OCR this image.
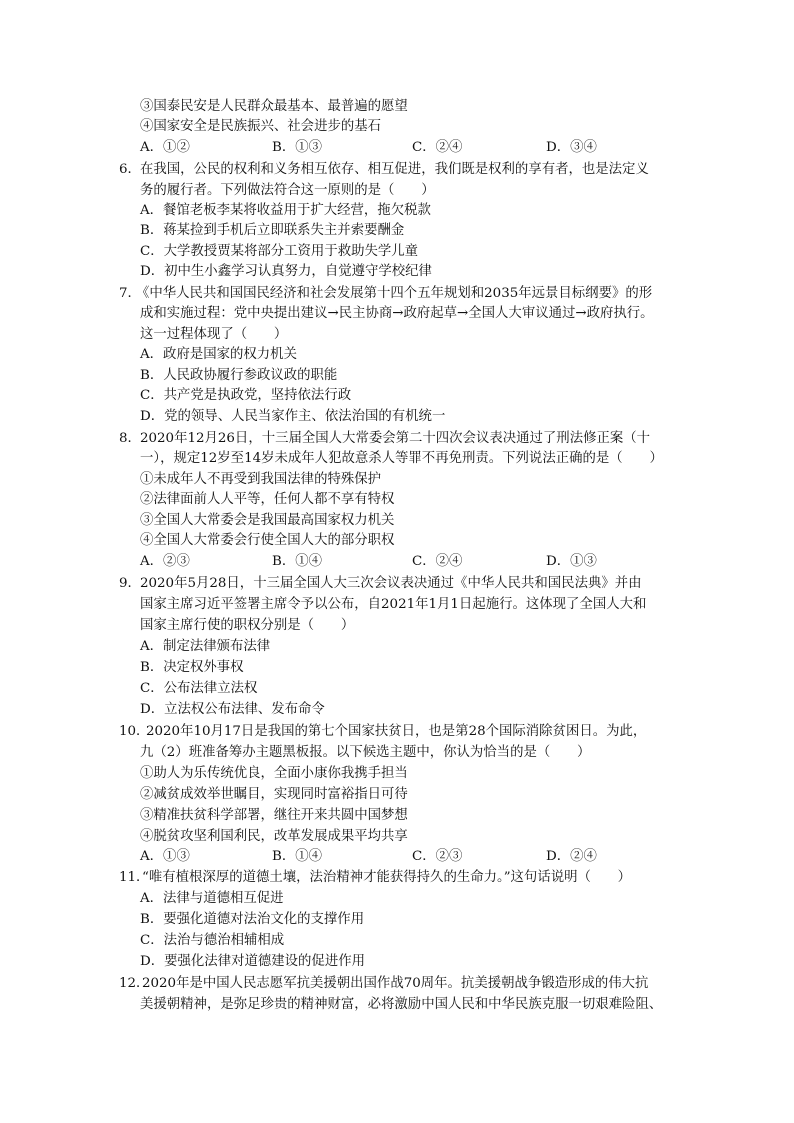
③国泰民安是人民群众最基本、最普遍的愿望
④国家安全是民族振兴、社会进步的基石
A．①②	B．①③	C．②④	D．③④
6． 在我国，公民的权利和义务相互依存、相互促进，我们既是权利的享有者，也是法定义
务的履行者。下列做法符合这一原则的是（　　）
A．餐馆老板李某将收益用于扩大经营，拖欠税款
B．蒋某捡到手机后立即联系失主并索要酬金
C．大学教授贾某将部分工资用于救助失学儿童
D．初中生小鑫学习认真努力，自觉遵守学校纪律
7．
《中华人民共和国国民经济和社会发展第十四个五年规划和2035年远景目标纲要》的形
成和实施过程：党中央提出建议→民主协商→政府起草→全国人大审议通过→政府执行。
这一过程体现了（　　）
A．政府是国家的权力机关
B．人民政协履行参政议政的职能
C．共产党是执政党，坚持依法行政
D．党的领导、人民当家作主、依法治国的有机统一
8． 2020年12月26日，十三届全国人大常委会第二十四次会议表决通过了刑法修正案（十
一），规定12岁至14岁未成年人犯故意杀人等罪不再免刑责。下列说法正确的是（　　）
①未成年人不再受到我国法律的特殊保护
②法律面前人人平等，任何人都不享有特权
③全国人大常委会是我国最高国家权力机关
④全国人大常委会行使全国人大的部分职权
A．②③	B．①④	C．②④	D．①③
9． 2020年5月28日，十三届全国人大三次会议表决通过《中华人民共和国民法典》并由
国家主席习近平签署主席令予以公布，自2021年1月1日起施行。这体现了全国人大和
国家主席行使的职权分别是（　　）
A．制定法律颁布法律
B．决定权外事权
C．公布法律立法权
D．立法权公布法律、发布命令
10．
2020年10月17日是我国的第七个国家扶贫日，也是第28个国际消除贫困日。为此，
九（2）班准备筹办主题黑板报。以下候选主题中，你认为恰当的是（　　）
①助人为乐传统优良，全面小康你我携手担当
②减贫成效举世瞩目，实现同时富裕指日可待
③精准扶贫科学部署，继往开来共圆中国梦想
④脱贫攻坚利国利民，改革发展成果平均共享
A．①③	B．①④	C．②③	D．②④
11．
“唯有植根深厚的道德土壤，法治精神才能获得持久的生命力。”这句话说明（　　）
A．法律与道德相互促进
B．要强化道德对法治文化的支撑作用
C．法治与德治相辅相成
D．要强化法律对道德建设的促进作用
12．
2020年是中国人民志愿军抗美援朝出国作战70周年。抗美援朝战争锻造形成的伟大抗
美援朝精神，是弥足珍贵的精神财富，必将激励中国人民和中华民族克服一切艰难险阻、
